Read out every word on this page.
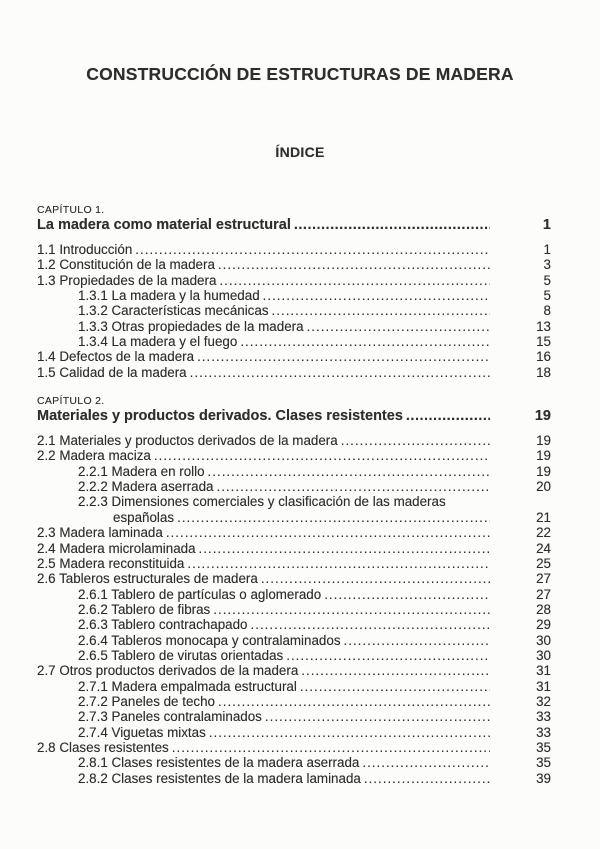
CONSTRUCCIÓN DE ESTRUCTURAS DE MADERA
ÍNDICE
CAPÍTULO 1.
La madera como material estructural .....	1
1.1 Introducción .....	1
1.2 Constitución de la madera .....	3
1.3 Propiedades de la madera .....	5
1.3.1 La madera y la humedad .....	5
1.3.2 Características mecánicas .....	8
1.3.3 Otras propiedades de la madera .....	13
1.3.4 La madera y el fuego .....	15
1.4 Defectos de la madera .....	16
1.5 Calidad de la madera .....	18
CAPÍTULO 2.
Materiales y productos derivados. Clases resistentes .....	19
2.1 Materiales y productos derivados de la madera .....	19
2.2 Madera maciza .....	19
2.2.1 Madera en rollo .....	19
2.2.2 Madera aserrada .....	20
2.2.3 Dimensiones comerciales y clasificación de las maderas
españolas .....	21
2.3 Madera laminada .....	22
2.4 Madera microlaminada .....	24
2.5 Madera reconstituida .....	25
2.6 Tableros estructurales de madera .....	27
2.6.1 Tablero de partículas o aglomerado .....	27
2.6.2 Tablero de fibras .....	28
2.6.3 Tablero contrachapado .....	29
2.6.4 Tableros monocapa y contralaminados .....	30
2.6.5 Tablero de virutas orientadas .....	30
2.7 Otros productos derivados de la madera .....	31
2.7.1 Madera empalmada estructural .....	31
2.7.2 Paneles de techo .....	32
2.7.3 Paneles contralaminados .....	33
2.7.4 Viguetas mixtas .....	33
2.8 Clases resistentes .....	35
2.8.1 Clases resistentes de la madera aserrada .....	35
2.8.2 Clases resistentes de la madera laminada .....	39
